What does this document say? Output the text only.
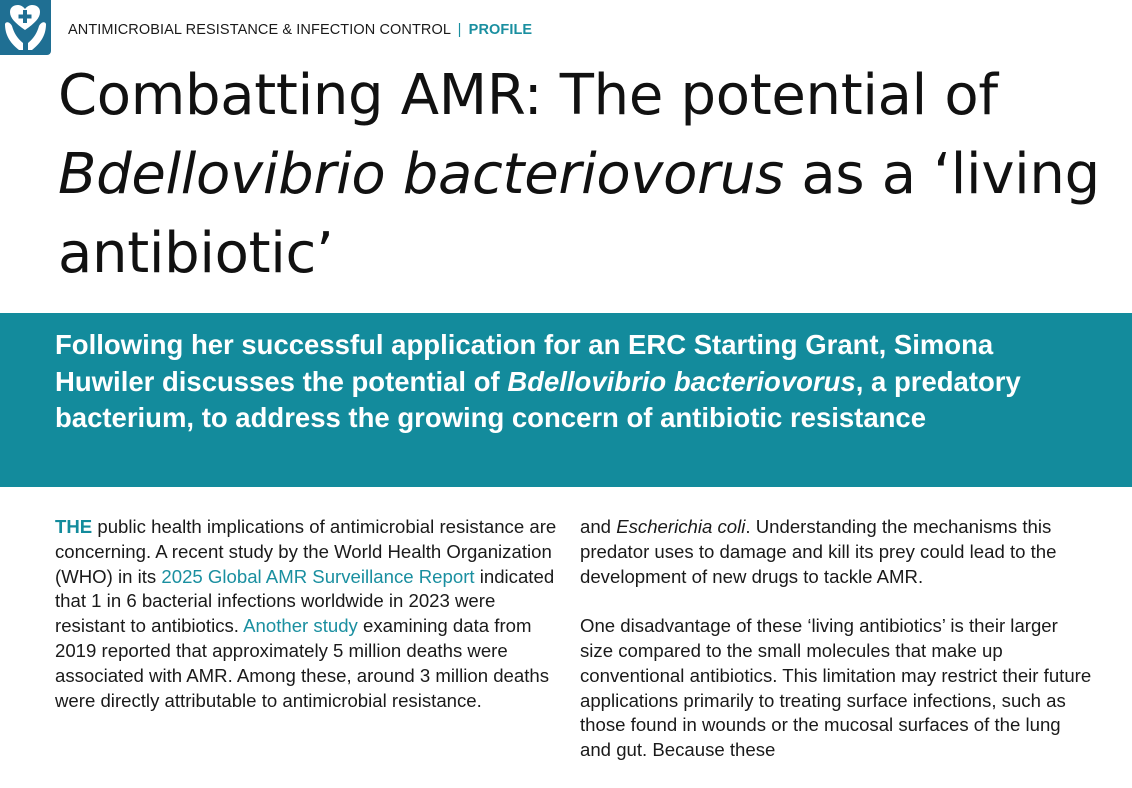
ANTIMICROBIAL RESISTANCE & INFECTION CONTROL | PROFILE
Combatting AMR: The potential of Bdellovibrio bacteriovorus as a ‘living antibiotic’

Following her successful application for an ERC Starting Grant, Simona Huwiler discusses the potential of Bdellovibrio bacteriovorus, a predatory bacterium, to address the growing concern of antibiotic resistance

THE public health implications of antimicrobial resistance are concerning. A recent study by the World Health Organization (WHO) in its 2025 Global AMR Surveillance Report indicated that 1 in 6 bacterial infections worldwide in 2023 were resistant to antibiotics. Another study examining data from 2019 reported that approximately 5 million deaths were associated with AMR. Among these, around 3 million deaths were directly attributable to antimicrobial resistance.

and Escherichia coli. Understanding the mechanisms this predator uses to damage and kill its prey could lead to the development of new drugs to tackle AMR.

One disadvantage of these ‘living antibiotics’ is their larger size compared to the small molecules that make up conventional antibiotics. This limitation may restrict their future applications primarily to treating surface infections, such as those found in wounds or the mucosal surfaces of the lung and gut. Because these
